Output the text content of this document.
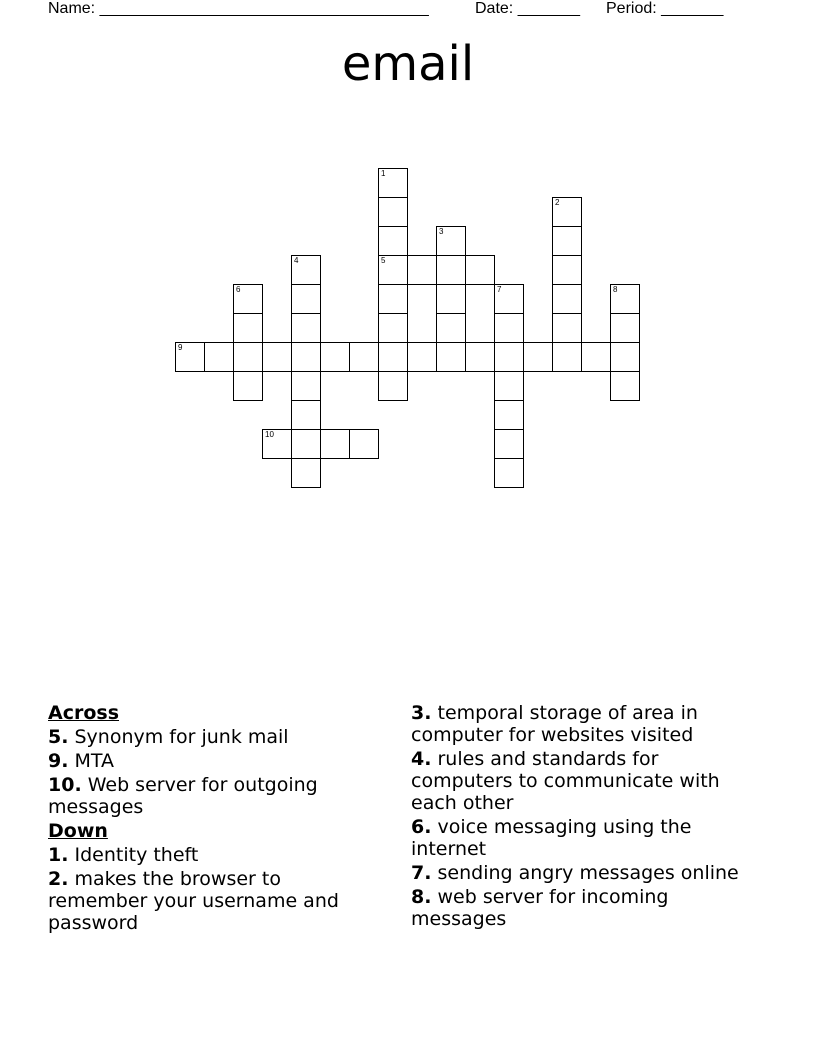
Name: _____________________________________	Date: _______ Period: _______
email
1
5
2
3
4
6	7	8
9
10
Across
5. Synonym for junk mail
9. MTA
10. Web server for outgoing messages
Down
1. Identity theft
2. makes the browser to remember your username and password
3. temporal storage of area in computer for websites visited
4. rules and standards for computers to communicate with each other
6. voice messaging using the internet
7. sending angry messages online
8. web server for incoming messages
